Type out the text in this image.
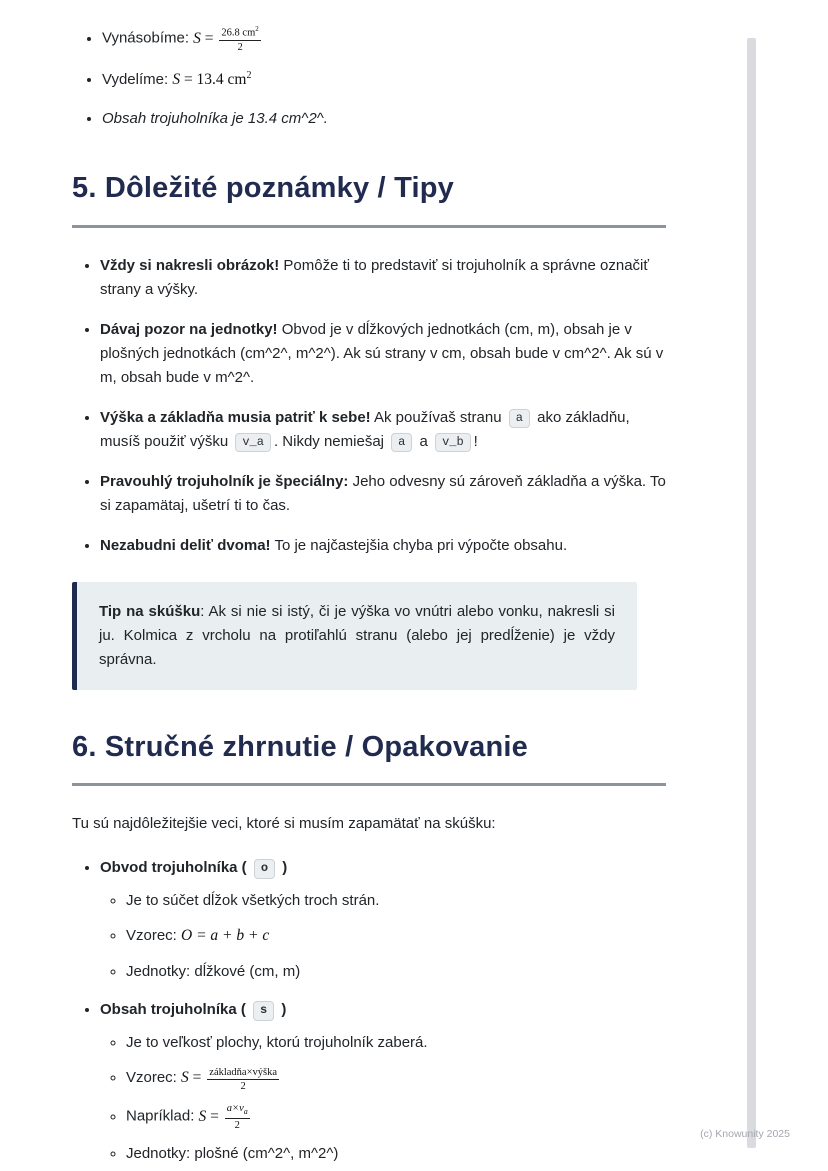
• Vynásobíme: $S = \frac{26.8 cm^2}{2}$
• Vydelíme: S = 13.4 $cm^2$
• Obsah trojuholníka je 13.4 cm^2^.
5. Dôležité poznámky / Tipy
• Vždy si nakresli obrázok! Pomôže ti to predstaviť si trojuholník a správne označiť strany a výšky.
• Dávaj pozor na jednotky! Obvod je v dĺžkových jednotkách (cm, m), obsah je v plošných jednotkách (cm^2^, m^2^). Ak sú strany v cm, obsah bude v cm^2^. Ak sú v m, obsah bude v m^2^.
• Výška a základňa musia patriť k sebe! Ak používaš stranu a ako základňu, musíš použiť výšku v_a . Nikdy nemiešaj a a v_b !
• Pravouhlý trojuholník je špeciálny: Jeho odvesny sú zároveň základňa a výška. To si zapamätaj, ušetrí ti to čas.
• Nezabudni deliť dvoma! To je najčastejšia chyba pri výpočte obsahu.
Tip na skúšku: Ak si nie si istý, či je výška vo vnútri alebo vonku, nakresli si ju. Kolmica z vrcholu na protiľahlú stranu (alebo jej predĺženie) je vždy správna.
6. Stručné zhrnutie / Opakovanie

Tu sú najdôležitejšie veci, ktoré si musím zapamätať na skúšku:

• Obvod trojuholníka ( o )
◦ Je to súčet dĺžok všetkých troch strán.
◦ Vzorec: O = a + b + c
◦ Jednotky: dĺžkové (cm, m)
• Obsah trojuholníka ( s )
◦ Je to veľkosť plochy, ktorú trojuholník zaberá.
◦ Vzorec: $S = \frac{\text{základňa×výška}}{2}$
◦ Napríklad: $S = \frac{a\times v_a}{2}$
◦ Jednotky: plošné (cm^2^, m^2^)
(c) Knowunity 2025
